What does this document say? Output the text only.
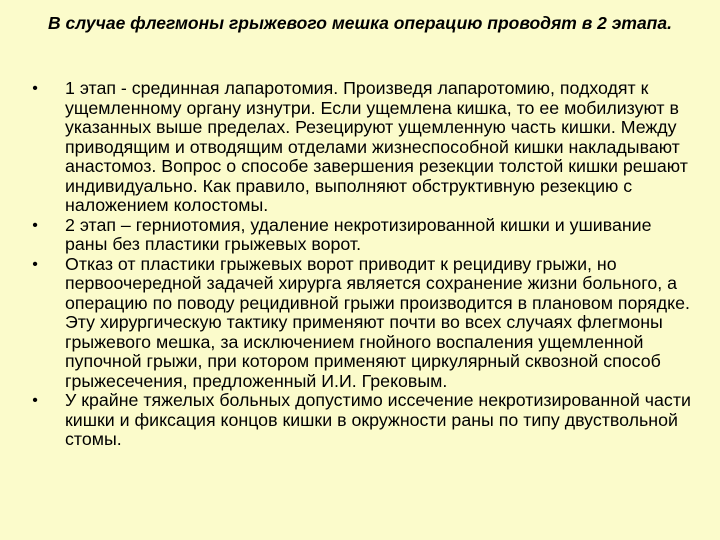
В случае флегмоны грыжевого мешка операцию проводят в 2 этапа.
• 1 этап - срединная лапаротомия. Произведя лапаротомию, подходят к ущемленному органу изнутри. Если ущемлена кишка, то ее мобилизуют в указанных выше пределах. Резецируют ущемленную часть кишки. Между приводящим и отводящим отделами жизнеспособной кишки накладывают анастомоз. Вопрос о способе завершения резекции толстой кишки решают индивидуально. Как правило, выполняют обструктивную резекцию с наложением колостомы.
• 2 этап – герниотомия, удаление некротизированной кишки и ушивание раны без пластики грыжевых ворот.
• Отказ от пластики грыжевых ворот приводит к рецидиву грыжи, но первоочередной задачей хирурга является сохранение жизни больного, а операцию по поводу рецидивной грыжи производится в плановом порядке. Эту хирургическую тактику применяют почти во всех случаях флегмоны грыжевого мешка, за исключением гнойного воспаления ущемленной пупочной грыжи, при котором применяют циркулярный сквозной способ грыжесечения, предложенный И.И. Грековым.
• У крайне тяжелых больных допустимо иссечение некротизированной части кишки и фиксация концов кишки в окружности раны по типу двуствольной стомы.
